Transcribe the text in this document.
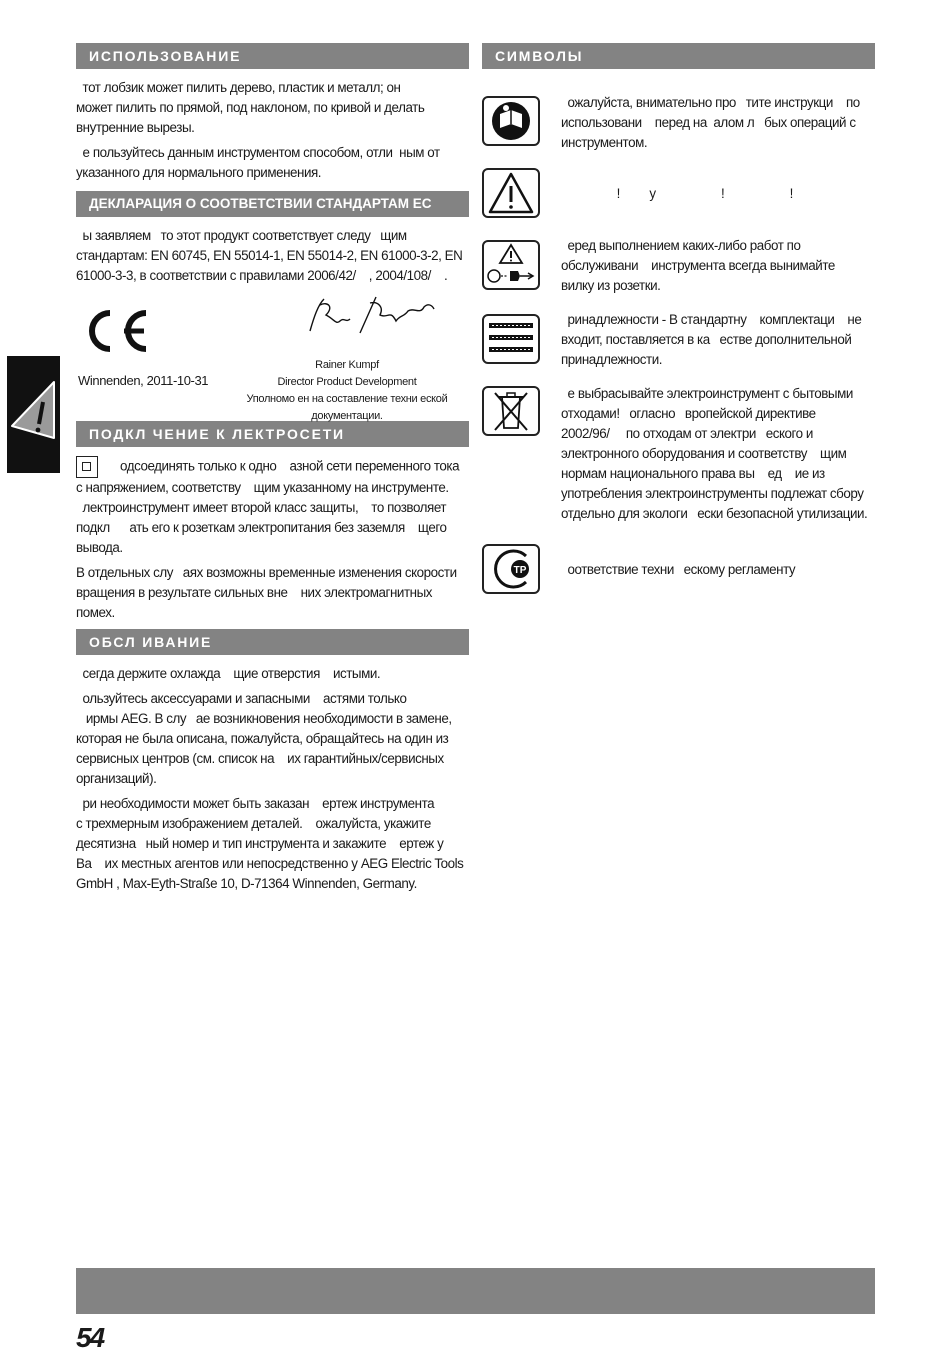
ИСПОЛЬЗОВАНИЕ
тот лобзик может пилить дерево, пластик и металл; он
может пилить по прямой, под наклоном, по кривой и делать
внутренние вырезы.
е пользуйтесь данным инструментом способом, отли  ным от
указанного для нормального применения.
ДЕКЛАРАЦИЯ О СООТВЕТСТВИИ СТАНДАРТАМ ЕС
ы заявляем   то этот продукт соответствует следу   щим
стандартам: EN 60745, EN 55014-1, EN 55014-2, EN 61000-3-2, EN
61000-3-3, в соответствии с правилами 2006/42/    , 2004/108/    .
Winnenden, 2011-10-31
Rainer Kumpf
Director Product Development
Уполномо ен на составление техни еской
документации.
ПОДКЛ ЧЕНИЕ К ЛЕКТРОСЕТИ
одсоединять только к одно    азной сети переменного тока
с напряжением, соответству    щим указанному на инструменте.
лектроинструмент имеет второй класс защиты,    то позволяет
подкл      ать его к розеткам электропитания без заземля    щего
вывода.
В отдельных слу   аях возможны временные изменения скорости
вращения в результате сильных вне    них электромагнитных
помех.
ОБСЛ ИВАНИЕ
сегда держите охлажда    щие отверстия    истыми.
ользуйтесь аксессуарами и запасными    астями только
ирмы AEG. В слу   ае возникновения необходимости в замене,
которая не была описана, пожалуйста, обращайтесь на один из
сервисных центров (см. список на    их гарантийных/сервисных
организаций).
ри необходимости может быть заказан    ертеж инструмента
с трехмерным изображением деталей.    ожалуйста, укажите
десятизна   ный номер и тип инструмента и закажите    ертеж у
Ва    их местных агентов или непосредственно у AEG Electric Tools
GmbH , Max-Eyth-Straße 10, D-71364 Winnenden, Germany.
СИМВОЛЫ
ожалуйста, внимательно про   тите инструкци    по
использовани    перед на  алом л   бых операций с
инструментом.
!         у                    !                    !
еред выполнением каких-либо работ по
обслуживани    инструмента всегда вынимайте
вилку из розетки.
ринадлежности - В стандартну    комплектаци    не
входит, поставляется в ка   естве дополнительной
принадлежности.
е выбрасывайте электроинструмент с бытовыми
отходами!   огласно   вропейской директиве
2002/96/     по отходам от электри   еского и
электронного оборудования и соответству    щим
нормам национального права вы    ед    ие из
употребления электроинструменты подлежат сбору
отдельно для экологи   ески безопасной утилизации.
ТР	оответствие техни   ескому регламенту
54
